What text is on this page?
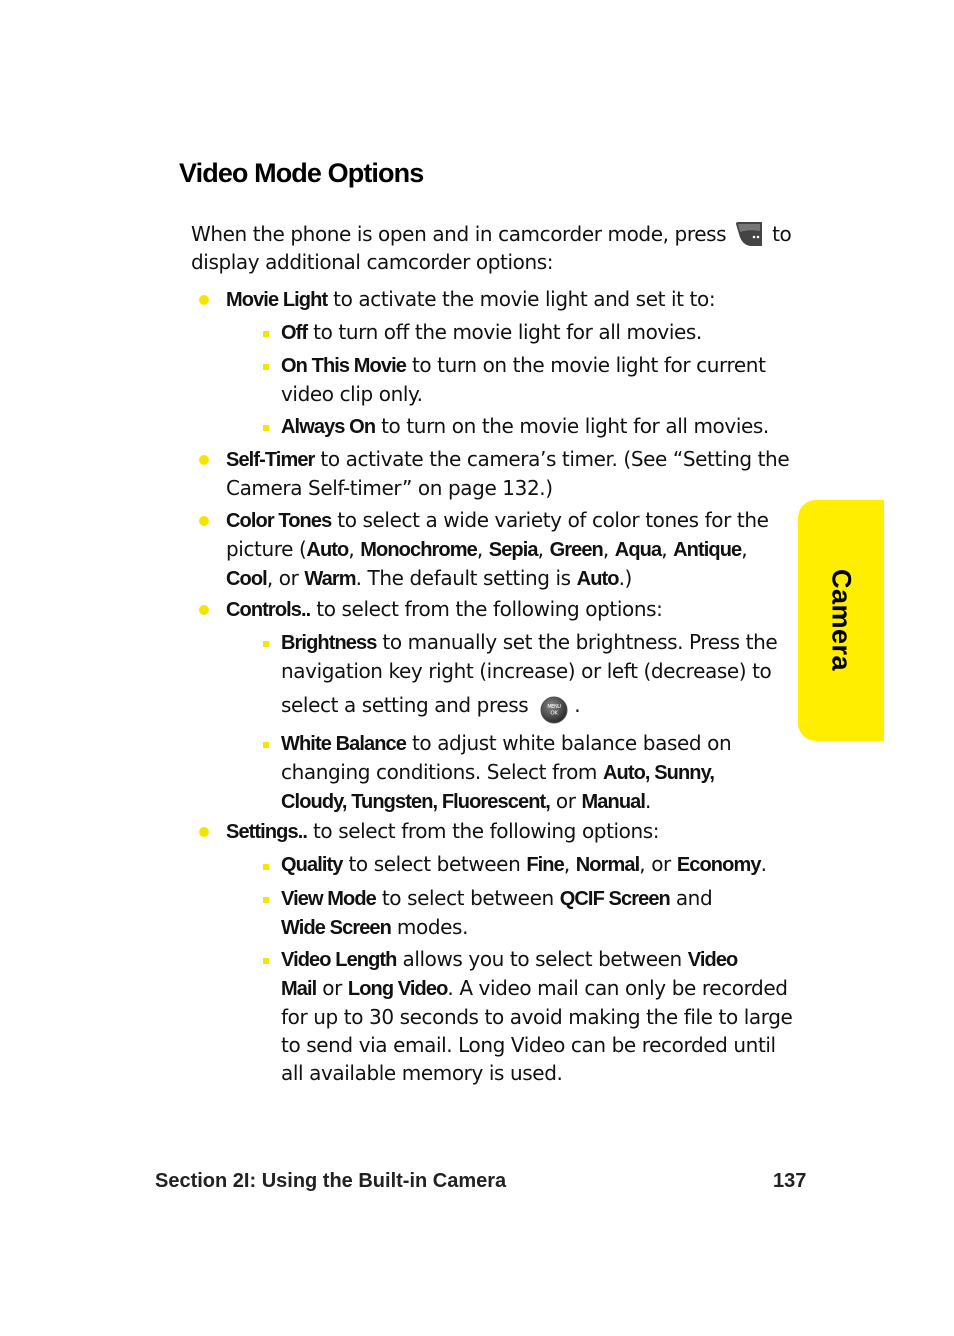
Video Mode Options
When the phone is open and in camcorder mode, press to
display additional camcorder options:
Movie Light to activate the movie light and set it to:
Off to turn off the movie light for all movies.
On This Movie to turn on the movie light for current
video clip only.
Always On to turn on the movie light for all movies.
Self-Timer to activate the camera’s timer. (See “Setting the
Camera Self-timer” on page 132.)
Color Tones to select a wide variety of color tones for the
picture (Auto, Monochrome, Sepia, Green, Aqua, Antique,
Cool, or Warm. The default setting is Auto.)
Controls.. to select from the following options:
Brightness to manually set the brightness. Press the
navigation key right (increase) or left (decrease) to
select a setting and press	MENU
OK .
White Balance to adjust white balance based on
changing conditions. Select from Auto, Sunny,
Cloudy, Tungsten, Fluorescent, or Manual.
Settings.. to select from the following options:
Quality to select between Fine, Normal, or Economy.
View Mode to select between QCIF Screen and
Wide Screen modes.
Video Length allows you to select between Video
Mail or Long Video. A video mail can only be recorded
for up to 30 seconds to avoid making the file to large
to send via email. Long Video can be recorded until
all available memory is used.
Camera
Section 2I: Using the Built-in Camera	137
